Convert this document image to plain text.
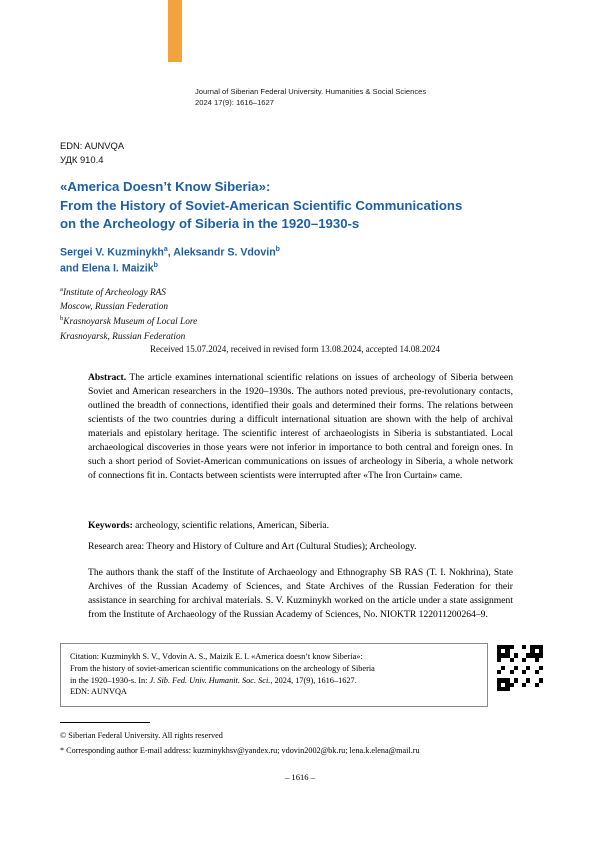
Journal of Siberian Federal University. Humanities & Social Sciences
2024 17(9): 1616–1627
EDN: AUNVQA
УДК 910.4
«America Doesn’t Know Siberia»:
From the History of Soviet‑American Scientific Communications
on the Archeology of Siberia in the 1920–1930‑s
Sergei V. Kuzminykh$^a$, Aleksandr S. Vdovin$^b$
and Elena I. Maizik$^b$
$^a$Institute of Archeology RAS
Moscow, Russian Federation
$^b$Krasnoyarsk Museum of Local Lore
Krasnoyarsk, Russian Federation
Received 15.07.2024, received in revised form 13.08.2024, accepted 14.08.2024
Abstract. The article examines international scientific relations on issues of archeology of Siberia between Soviet and American researchers in the 1920–1930s. The authors noted previous, pre‑revolutionary contacts, outlined the breadth of connections, identified their goals and determined their forms. The relations between scientists of the two countries during a difficult international situation are shown with the help of archival materials and epistolary heritage. The scientific interest of archaeologists in Siberia is substantiated. Local archaeological discoveries in those years were not inferior in importance to both central and foreign ones. In such a short period of Soviet‑American communications on issues of archeology in Siberia, a whole network of connections fit in. Contacts between scientists were interrupted after «The Iron Curtain» came.
Keywords: archeology, scientific relations, American, Siberia.
Research area: Theory and History of Culture and Art (Cultural Studies); Archeology.
The authors thank the staff of the Institute of Archaeology and Ethnography SB RAS (T. I. Nokhrina), State Archives of the Russian Academy of Sciences, and State Archives of the Russian Federation for their assistance in searching for archival materials. S. V. Kuzminykh worked on the article under a state assignment from the Institute of Archaeology of the Russian Academy of Sciences, No. NIOKTR 122011200264–9.
Citation: Kuzminykh S. V., Vdovin A. S., Maizik E. I. «America doesn’t know Siberia»:
From the history of soviet‑american scientific communications on the archeology of Siberia
in the 1920–1930‑s. In: J. Sib. Fed. Univ. Humanit. Soc. Sci., 2024, 17(9), 1616–1627.
EDN: AUNVQA
© Siberian Federal University. All rights reserved
* Corresponding author E‑mail address: kuzminykhsv@yandex.ru; vdovin2002@bk.ru; lena.k.elena@mail.ru
– 1616 –
